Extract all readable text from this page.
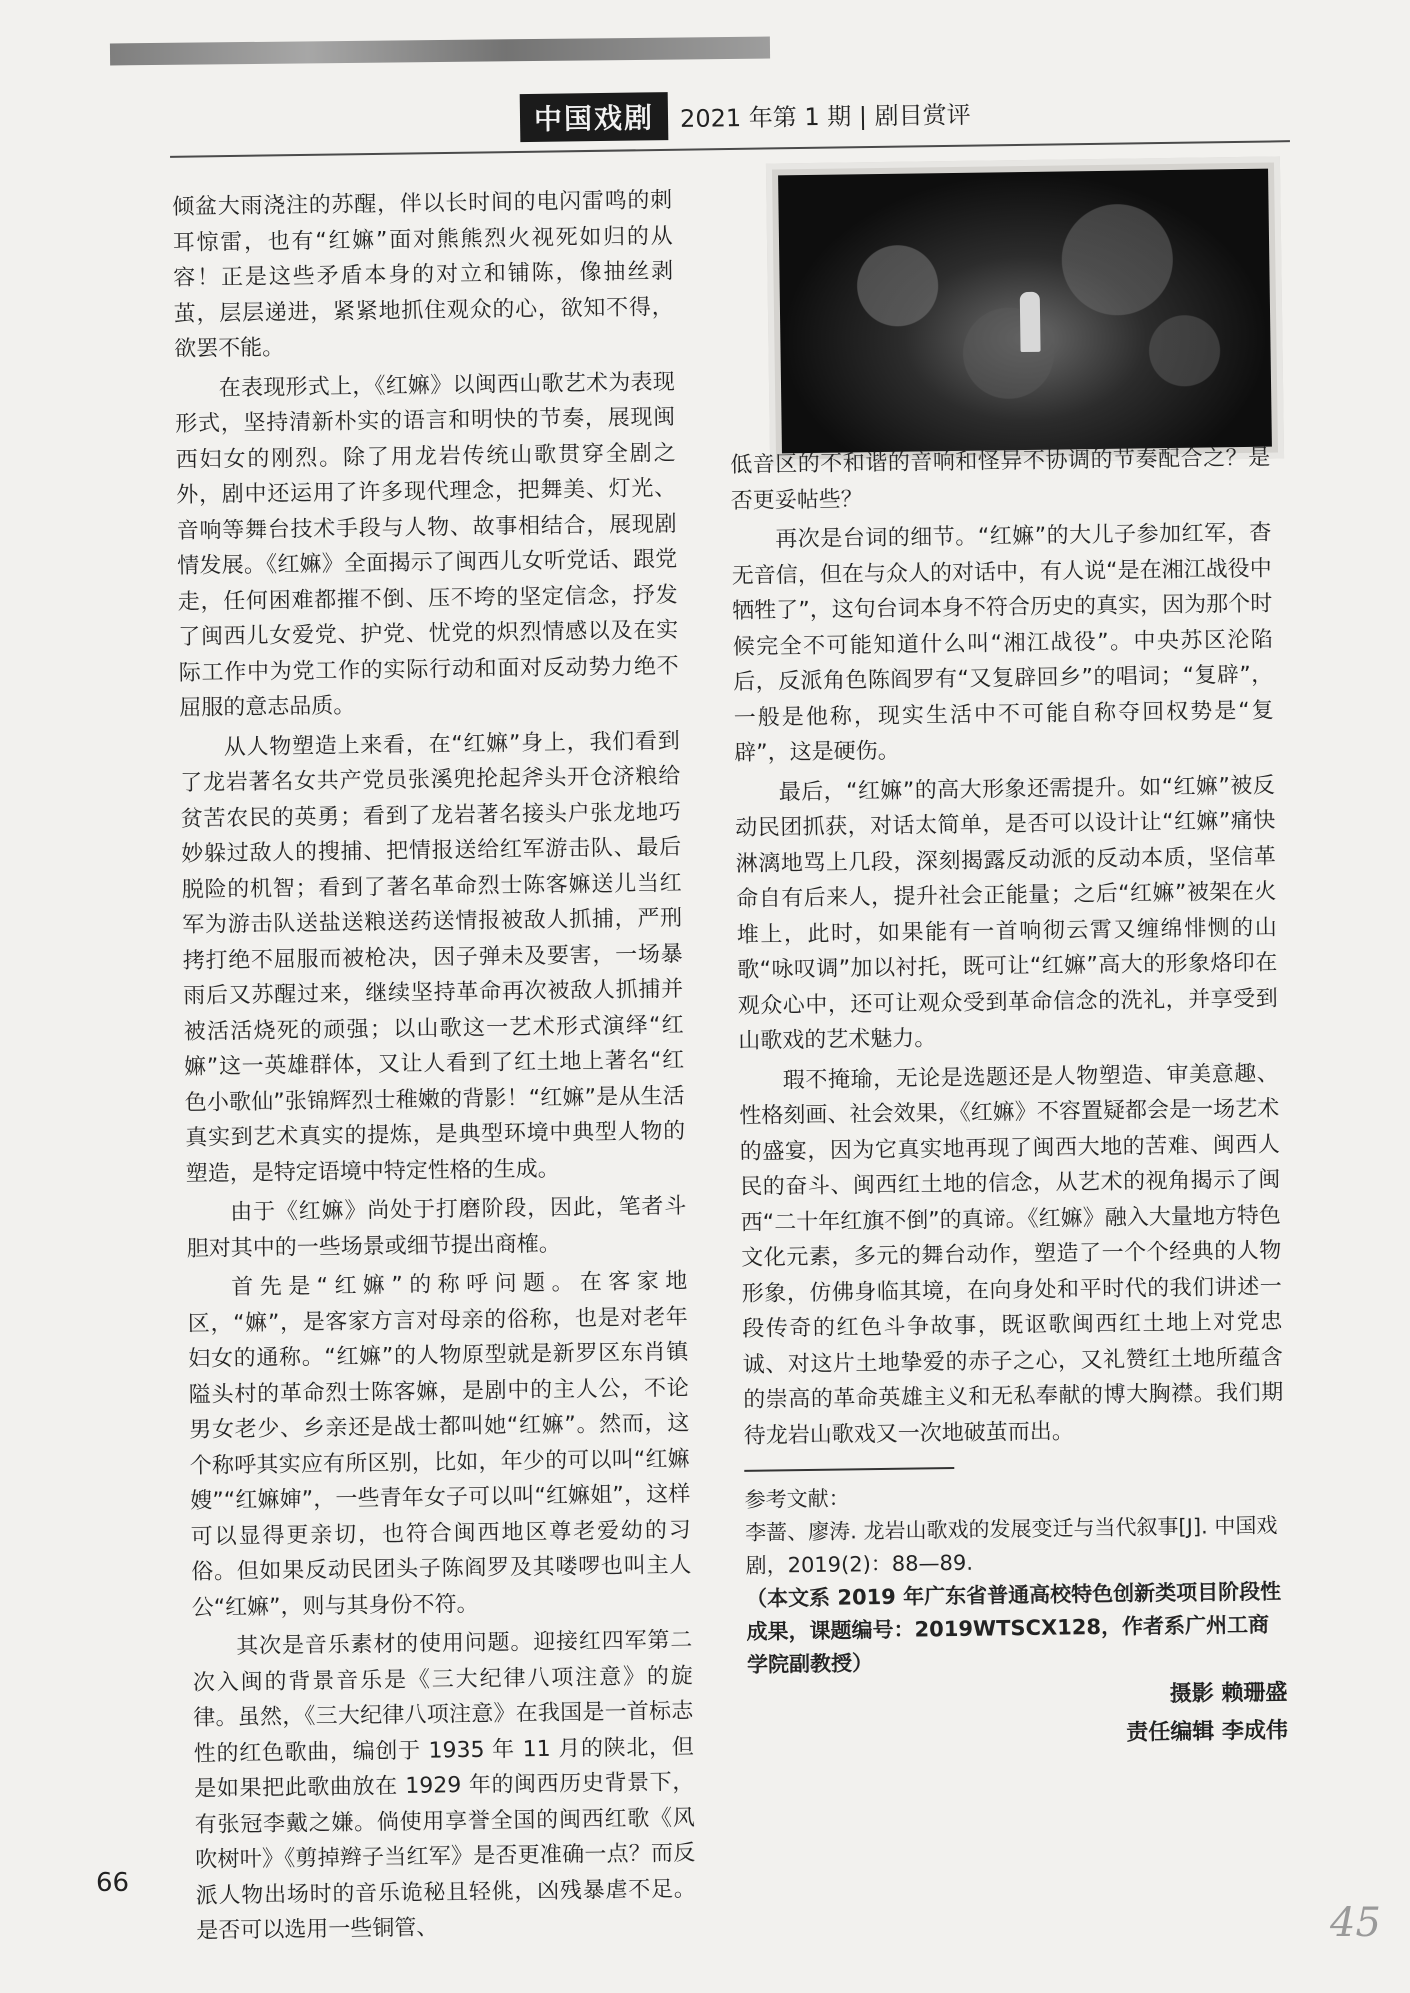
中国戏剧	2021 年第 1 期 | 剧目赏评

倾盆大雨浇注的苏醒，伴以长时间的电闪雷鸣的刺耳惊雷，也有“红嫲”面对熊熊烈火视死如归的从容！正是这些矛盾本身的对立和铺陈，像抽丝剥茧，层层递进，紧紧地抓住观众的心，欲知不得，欲罢不能。

在表现形式上，《红嫲》以闽西山歌艺术为表现形式，坚持清新朴实的语言和明快的节奏，展现闽西妇女的刚烈。除了用龙岩传统山歌贯穿全剧之外，剧中还运用了许多现代理念，把舞美、灯光、音响等舞台技术手段与人物、故事相结合，展现剧情发展。《红嫲》全面揭示了闽西儿女听党话、跟党走，任何困难都摧不倒、压不垮的坚定信念，抒发了闽西儿女爱党、护党、忧党的炽烈情感以及在实际工作中为党工作的实际行动和面对反动势力绝不屈服的意志品质。

从人物塑造上来看，在“红嫲”身上，我们看到了龙岩著名女共产党员张溪兜抡起斧头开仓济粮给贫苦农民的英勇；看到了龙岩著名接头户张龙地巧妙躲过敌人的搜捕、把情报送给红军游击队、最后脱险的机智；看到了著名革命烈士陈客嫲送儿当红军为游击队送盐送粮送药送情报被敌人抓捕，严刑拷打绝不屈服而被枪决，因子弹未及要害，一场暴雨后又苏醒过来，继续坚持革命再次被敌人抓捕并被活活烧死的顽强；以山歌这一艺术形式演绎“红嫲”这一英雄群体，又让人看到了红土地上著名“红色小歌仙”张锦辉烈士稚嫩的背影！“红嫲”是从生活真实到艺术真实的提炼，是典型环境中典型人物的塑造，是特定语境中特定性格的生成。

由于《红嫲》尚处于打磨阶段，因此，笔者斗胆对其中的一些场景或细节提出商榷。

首先是“红嫲”的称呼问题。在客家地区，“嫲”，是客家方言对母亲的俗称，也是对老年妇女的通称。“红嫲”的人物原型就是新罗区东肖镇隘头村的革命烈士陈客嫲，是剧中的主人公，不论男女老少、乡亲还是战士都叫她“红嫲”。然而，这个称呼其实应有所区别，比如，年少的可以叫“红嫲嫂”“红嫲婶”，一些青年女子可以叫“红嫲姐”，这样可以显得更亲切，也符合闽西地区尊老爱幼的习俗。但如果反动民团头子陈阎罗及其喽啰也叫主人公“红嫲”，则与其身份不符。

其次是音乐素材的使用问题。迎接红四军第二次入闽的背景音乐是《三大纪律八项注意》的旋律。虽然，《三大纪律八项注意》在我国是一首标志性的红色歌曲，编创于 1935 年 11 月的陕北，但是如果把此歌曲放在 1929 年的闽西历史背景下，有张冠李戴之嫌。倘使用享誉全国的闽西红歌《风吹树叶》《剪掉辫子当红军》是否更准确一点？而反派人物出场时的音乐诡秘且轻佻，凶残暴虐不足。是否可以选用一些铜管、

低音区的不和谐的音响和怪异不协调的节奏配合之？是否更妥帖些？

再次是台词的细节。“红嫲”的大儿子参加红军，杳无音信，但在与众人的对话中，有人说“是在湘江战役中牺牲了”，这句台词本身不符合历史的真实，因为那个时候完全不可能知道什么叫“湘江战役”。中央苏区沦陷后，反派角色陈阎罗有“又复辟回乡”的唱词；“复辟”，一般是他称，现实生活中不可能自称夺回权势是“复辟”，这是硬伤。

最后，“红嫲”的高大形象还需提升。如“红嫲”被反动民团抓获，对话太简单，是否可以设计让“红嫲”痛快淋漓地骂上几段，深刻揭露反动派的反动本质，坚信革命自有后来人，提升社会正能量；之后“红嫲”被架在火堆上，此时，如果能有一首响彻云霄又缠绵悱恻的山歌“咏叹调”加以衬托，既可让“红嫲”高大的形象烙印在观众心中，还可让观众受到革命信念的洗礼，并享受到山歌戏的艺术魅力。

瑕不掩瑜，无论是选题还是人物塑造、审美意趣、性格刻画、社会效果，《红嫲》不容置疑都会是一场艺术的盛宴，因为它真实地再现了闽西大地的苦难、闽西人民的奋斗、闽西红土地的信念，从艺术的视角揭示了闽西“二十年红旗不倒”的真谛。《红嫲》融入大量地方特色文化元素，多元的舞台动作，塑造了一个个经典的人物形象，仿佛身临其境，在向身处和平时代的我们讲述一段传奇的红色斗争故事，既讴歌闽西红土地上对党忠诚、对这片土地挚爱的赤子之心，又礼赞红土地所蕴含的崇高的革命英雄主义和无私奉献的博大胸襟。我们期待龙岩山歌戏又一次地破茧而出。

参考文献：
李蔷、廖涛. 龙岩山歌戏的发展变迁与当代叙事[J]. 中国戏剧，2019(2)：88—89.
（本文系 2019 年广东省普通高校特色创新类项目阶段性成果，课题编号：2019WTSCX128，作者系广州工商学院副教授）
摄影 赖珊盛
责任编辑 李成伟
66
45
